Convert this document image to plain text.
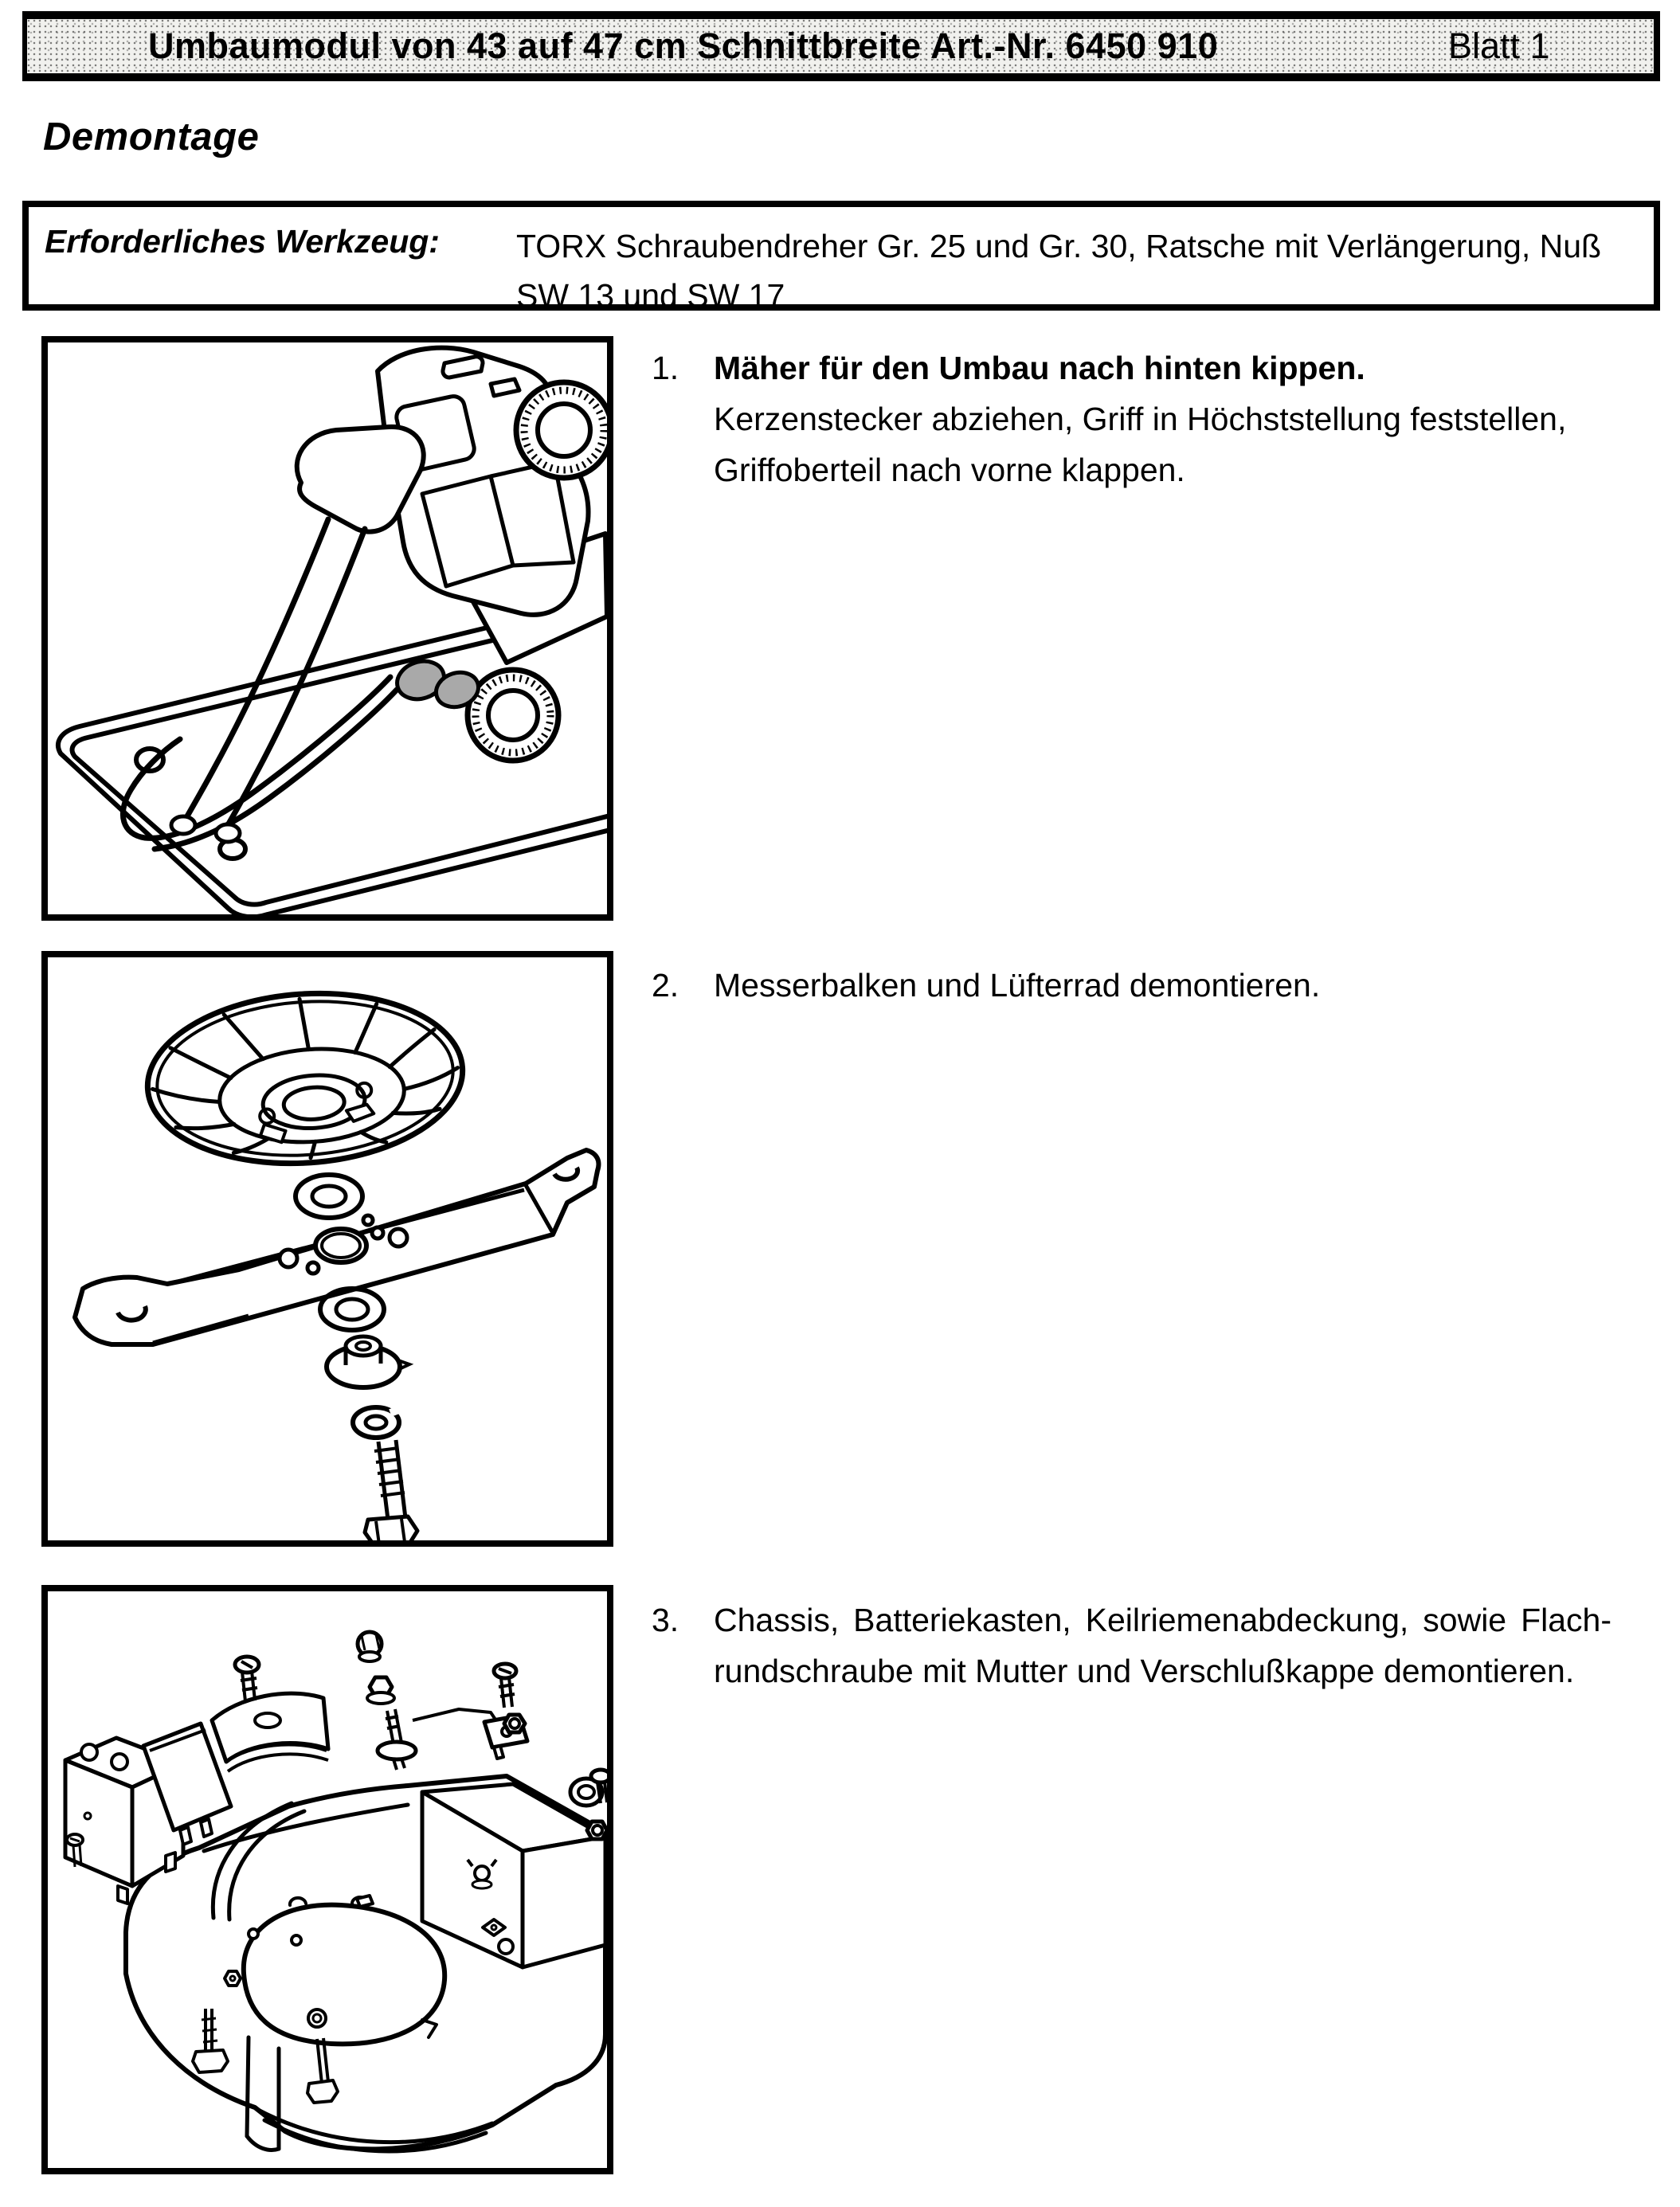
Umbaumodul von 43 auf 47 cm Schnittbreite Art.-Nr. 6450 910	Blatt 1
Demontage
Erforderliches Werkzeug: TORX Schraubendreher Gr. 25 und Gr. 30, Ratsche mit Verlängerung, Nuß
SW 13 und SW 17
1. Mäher für den Umbau nach hinten kippen.
Kerzenstecker abziehen, Griff in Höchststellung feststellen,
Griffoberteil nach vorne klappen.
2. Messerbalken und Lüfterrad demontieren.
3. Chassis, Batteriekasten, Keilriemenabdeckung, sowie Flach-
rundschraube mit Mutter und Verschlußkappe demontieren.
